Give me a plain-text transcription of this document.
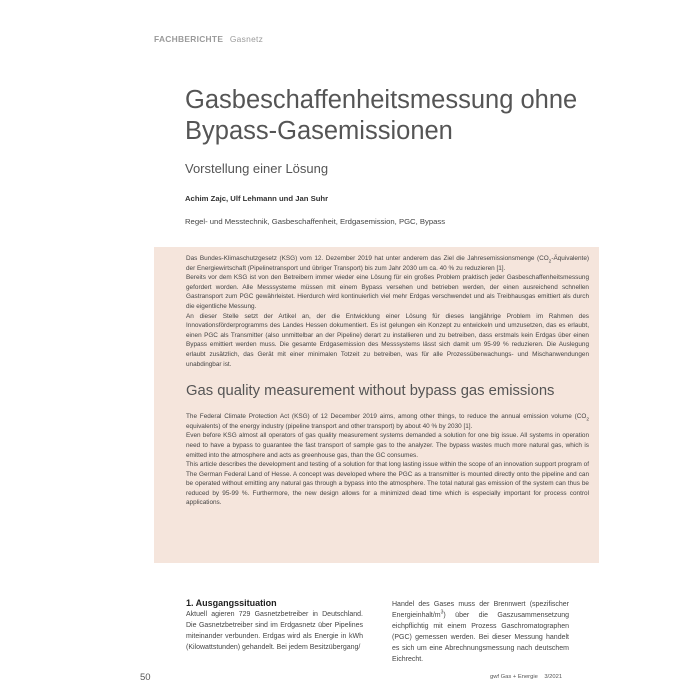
FACHBERICHTE Gasnetz
Gasbeschaffenheitsmessung ohne Bypass-Gasemissionen
Vorstellung einer Lösung
Achim Zajc, Ulf Lehmann und Jan Suhr
Regel- und Messtechnik, Gasbeschaffenheit, Erdgasemission, PGC, Bypass

Das Bundes-Klimaschutzgesetz (KSG) vom 12. Dezember 2019 hat unter anderem das Ziel die Jahresemissionsmenge $(CO_2-Äquivalente)$ der Energiewirtschaft (Pipelinetransport und übriger Transport) bis zum Jahr 2030 um ca. 40 % zu reduzieren [1].

Bereits vor dem KSG ist von den Betreibern immer wieder eine Lösung für ein großes Problem praktisch jeder Gasbeschaffenheitsmessung gefordert worden. Alle Messsysteme müssen mit einem Bypass versehen und betrieben werden, der einen ausreichend schnellen Gastransport zum PGC gewährleistet. Hierdurch wird kontinuierlich viel mehr Erdgas verschwendet und als Treibhausgas emittiert als durch die eigentliche Messung.

An dieser Stelle setzt der Artikel an, der die Entwicklung einer Lösung für dieses langjährige Problem im Rahmen des Innovationsförderprogramms des Landes Hessen dokumentiert. Es ist gelungen ein Konzept zu entwickeln und umzusetzen, das es erlaubt, einen PGC als Transmitter (also unmittelbar an der Pipeline) derart zu installieren und zu betreiben, dass erstmals kein Erdgas über einen Bypass emittiert werden muss. Die gesamte Erdgasemission des Messsystems lässt sich damit um 95-99 % reduzieren. Die Auslegung erlaubt zusätzlich, das Gerät mit einer minimalen Totzeit zu betreiben, was für alle Prozessüberwachungs- und Mischanwendungen unabdingbar ist.

Gas quality measurement without bypass gas emissions

The Federal Climate Protection Act (KSG) of 12 December 2019 aims, among other things, to reduce the annual emission volume ($CO_2$ equivalents) of the energy industry (pipeline transport and other transport) by about 40 % by 2030 [1].

Even before KSG almost all operators of gas quality measurement systems demanded a solution for one big issue. All systems in operation need to have a bypass to guarantee the fast transport of sample gas to the analyzer. The bypass wastes much more natural gas, which is emitted into the atmosphere and acts as greenhouse gas, than the GC consumes.

This article describes the development and testing of a solution for that long lasting issue within the scope of an innovation support program of The German Federal Land of Hesse. A concept was developed where the PGC as a transmitter is mounted directly onto the pipeline and can be operated without emitting any natural gas through a bypass into the atmosphere. The total natural gas emission of the system can thus be reduced by 95-99 %. Furthermore, the new design allows for a minimized dead time which is especially important for process control applications.

1. Ausgangssituation

Aktuell agieren 729 Gasnetzbetreiber in Deutschland. Die Gasnetzbetreiber sind im Erdgasnetz über Pipelines miteinander verbunden. Erdgas wird als Energie in kWh (Kilowattstunden) gehandelt. Bei jedem Besitzübergang/

Handel des Gases muss der Brennwert (spezifischer Energieinhalt/$m^3$) über die Gaszusammensetzung eichpflichtig mit einem Prozess Gaschromatographen (PGC) gemessen werden. Bei dieser Messung handelt es sich um eine Abrechnungsmessung nach deutschem Eichrecht.

50	gwf Gas + Energie 3/2021
